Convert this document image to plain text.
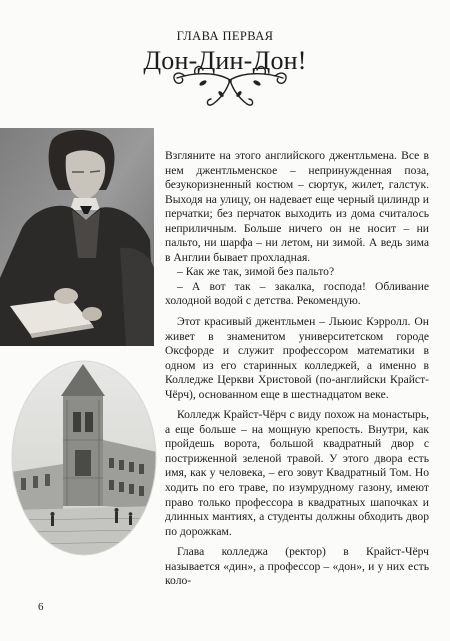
ГЛАВА ПЕРВАЯ
Дон-Дин-Дон!

Взгляните на этого английского джентльмена. Все в нем джентльменское – непринужденная поза, безукоризненный костюм – сюртук, жилет, галстук. Выходя на улицу, он надевает еще черный цилиндр и перчатки; без перчаток выходить из дома считалось неприличным. Больше ничего он не носит – ни пальто, ни шарфа – ни летом, ни зимой. А ведь зима в Англии бывает прохладная.

– Как же так, зимой без пальто?

– А вот так – закалка, господа! Обливание холодной водой с детства. Рекомендую.

Этот красивый джентльмен – Льюис Кэрролл. Он живет в знаменитом университетском городе Оксфорде и служит профессором математики в одном из его старинных колледжей, а именно в Колледже Церкви Христовой (по-английски Крайст-Чёрч), основанном еще в шестнадцатом веке.

Колледж Крайст-Чёрч с виду похож на монастырь, а еще больше – на мощную крепость. Внутри, как пройдешь ворота, большой квадратный двор с постриженной зеленой травой. У этого двора есть имя, как у человека, – его зовут Квадратный Том. Но ходить по его траве, по изумрудному газону, имеют право только профессора в квадратных шапочках и длинных мантиях, а студенты должны обходить двор по дорожкам.

Глава колледжа (ректор) в Крайст-Чёрч называется «дин», а профессор – «дон», и у них есть коло-

6
